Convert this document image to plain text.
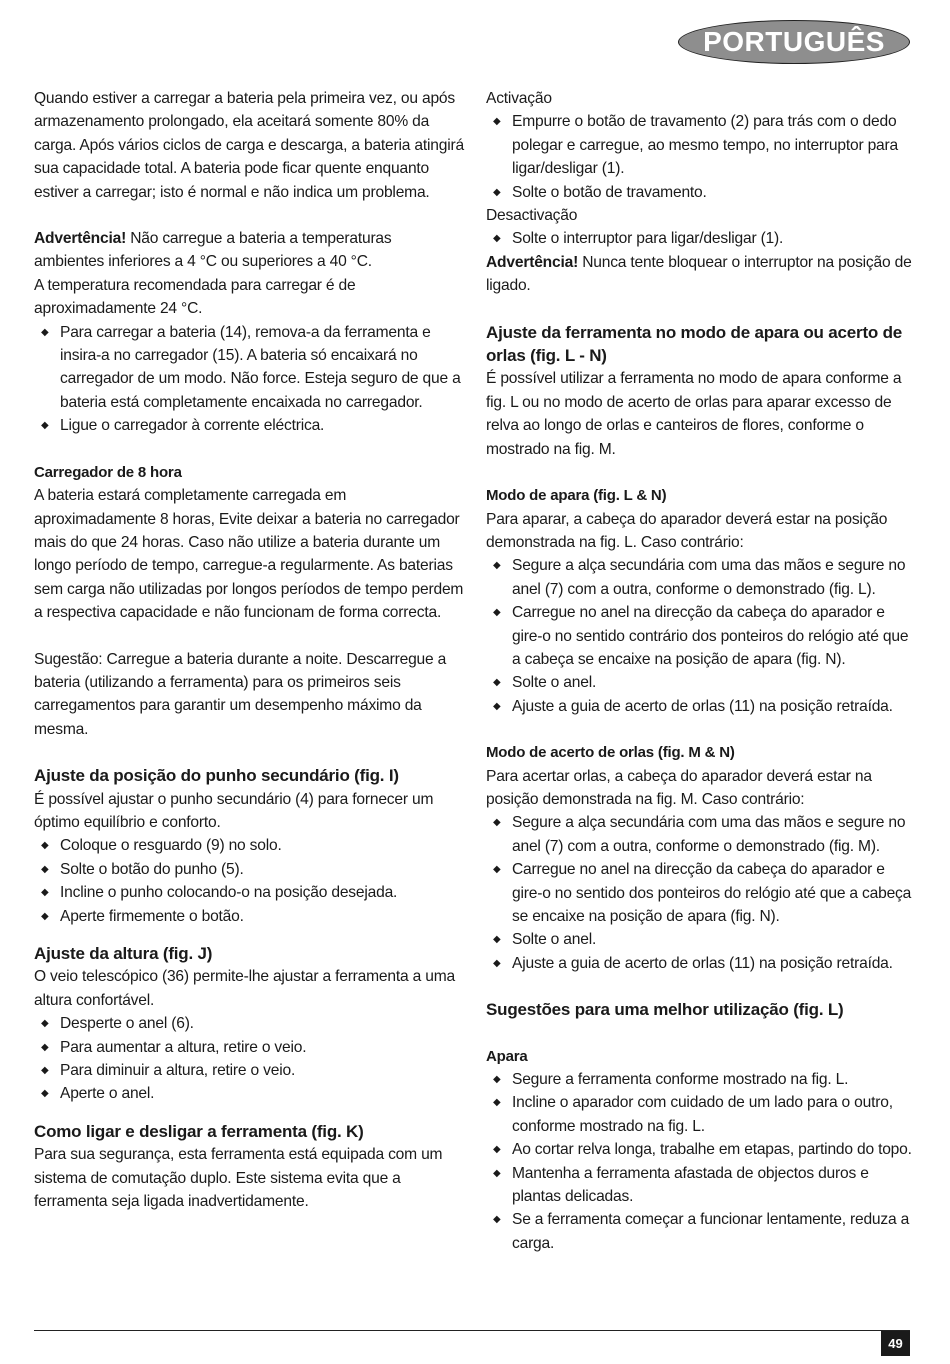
PORTUGUÊS

Quando estiver a carregar a bateria pela primeira vez, ou após armazenamento prolongado, ela aceitará somente 80% da carga. Após vários ciclos de carga e descarga, a bateria atingirá sua capacidade total. A bateria pode ficar quente enquanto estiver a carregar; isto é normal e não indica um problema.

Advertência! Não carregue a bateria a temperaturas ambientes inferiores a 4 °C ou superiores a 40 °C.

A temperatura recomendada para carregar é de aproximadamente 24 °C.

◆ Para carregar a bateria (14), remova-a da ferramenta e insira-a no carregador (15). A bateria só encaixará no carregador de um modo. Não force. Esteja seguro de que a bateria está completamente encaixada no carregador.
◆ Ligue o carregador à corrente eléctrica.

Carregador de 8 hora

A bateria estará completamente carregada em aproximadamente 8 horas, Evite deixar a bateria no carregador mais do que 24 horas. Caso não utilize a bateria durante um longo período de tempo, carregue-a regularmente. As baterias sem carga não utilizadas por longos períodos de tempo perdem a respectiva capacidade e não funcionam de forma correcta.

Sugestão: Carregue a bateria durante a noite. Descarregue a bateria (utilizando a ferramenta) para os primeiros seis carregamentos para garantir um desempenho máximo da mesma.

Ajuste da posição do punho secundário (fig. I)

É possível ajustar o punho secundário (4) para fornecer um óptimo equilíbrio e conforto.

◆ Coloque o resguardo (9) no solo.
◆ Solte o botão do punho (5).
◆ Incline o punho colocando-o na posição desejada.
◆ Aperte firmemente o botão.

Ajuste da altura (fig. J)

O veio telescópico (36) permite-lhe ajustar a ferramenta a uma altura confortável.

◆ Desperte o anel (6).
◆ Para aumentar a altura, retire o veio.
◆ Para diminuir a altura, retire o veio.
◆ Aperte o anel.

Como ligar e desligar a ferramenta (fig. K)

Para sua segurança, esta ferramenta está equipada com um sistema de comutação duplo. Este sistema evita que a ferramenta seja ligada inadvertidamente.

Activação

◆ Empurre o botão de travamento (2) para trás com o dedo polegar e carregue, ao mesmo tempo, no interruptor para ligar/desligar (1).
◆ Solte o botão de travamento.

Desactivação

◆ Solte o interruptor para ligar/desligar (1).

Advertência! Nunca tente bloquear o interruptor na posição de ligado.

Ajuste da ferramenta no modo de apara ou acerto de orlas (fig. L - N)

É possível utilizar a ferramenta no modo de apara conforme a fig. L ou no modo de acerto de orlas para aparar excesso de relva ao longo de orlas e canteiros de flores, conforme o mostrado na fig. M.

Modo de apara (fig. L & N)

Para aparar, a cabeça do aparador deverá estar na posição demonstrada na fig. L. Caso contrário:

◆ Segure a alça secundária com uma das mãos e segure no anel (7) com a outra, conforme o demonstrado (fig. L).
◆ Carregue no anel na direcção da cabeça do aparador e gire-o no sentido contrário dos ponteiros do relógio até que a cabeça se encaixe na posição de apara (fig. N).
◆ Solte o anel.
◆ Ajuste a guia de acerto de orlas (11) na posição retraída.

Modo de acerto de orlas (fig. M & N)

Para acertar orlas, a cabeça do aparador deverá estar na posição demonstrada na fig. M. Caso contrário:

◆ Segure a alça secundária com uma das mãos e segure no anel (7) com a outra, conforme o demonstrado (fig. M).
◆ Carregue no anel na direcção da cabeça do aparador e gire-o no sentido dos ponteiros do relógio até que a cabeça se encaixe na posição de apara (fig. N).
◆ Solte o anel.
◆ Ajuste a guia de acerto de orlas (11) na posição retraída.

Sugestões para uma melhor utilização (fig. L)

Apara

◆ Segure a ferramenta conforme mostrado na fig. L.
◆ Incline o aparador com cuidado de um lado para o outro, conforme mostrado na fig. L.
◆ Ao cortar relva longa, trabalhe em etapas, partindo do topo.
◆ Mantenha a ferramenta afastada de objectos duros e plantas delicadas.
◆ Se a ferramenta começar a funcionar lentamente, reduza a carga.
49
